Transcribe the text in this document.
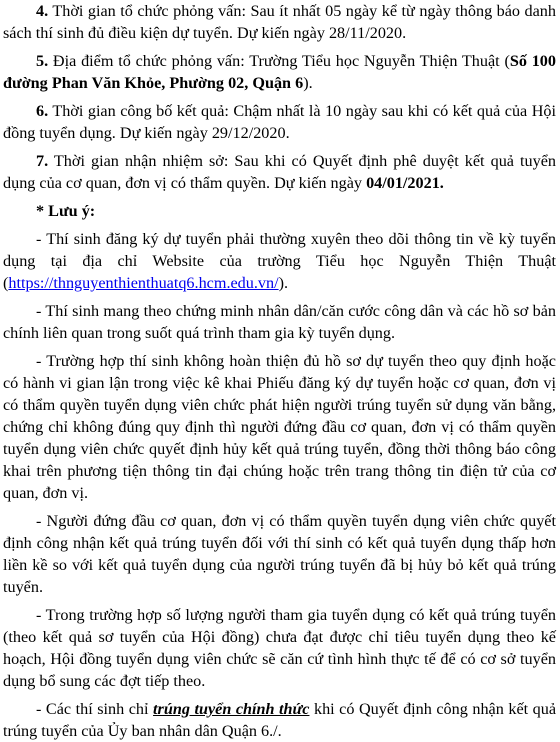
4. Thời gian tổ chức phỏng vấn: Sau ít nhất 05 ngày kể từ ngày thông báo danh sách thí sinh đủ điều kiện dự tuyển. Dự kiến ngày 28/11/2020.

5. Địa điểm tổ chức phỏng vấn: Trường Tiểu học Nguyễn Thiện Thuật (Số 100 đường Phan Văn Khỏe, Phường 02, Quận 6).

6. Thời gian công bố kết quả: Chậm nhất là 10 ngày sau khi có kết quả của Hội đồng tuyển dụng. Dự kiến ngày 29/12/2020.

7. Thời gian nhận nhiệm sở: Sau khi có Quyết định phê duyệt kết quả tuyển dụng của cơ quan, đơn vị có thẩm quyền. Dự kiến ngày 04/01/2021.

* Lưu ý:

- Thí sinh đăng ký dự tuyển phải thường xuyên theo dõi thông tin về kỳ tuyển dụng tại địa chỉ Website của trường Tiểu học Nguyễn Thiện Thuật (https://thnguyenthienthuatq6.hcm.edu.vn/).

- Thí sinh mang theo chứng minh nhân dân/căn cước công dân và các hồ sơ bản chính liên quan trong suốt quá trình tham gia kỳ tuyển dụng.

- Trường hợp thí sinh không hoàn thiện đủ hồ sơ dự tuyển theo quy định hoặc có hành vi gian lận trong việc kê khai Phiếu đăng ký dự tuyển hoặc cơ quan, đơn vị có thẩm quyền tuyển dụng viên chức phát hiện người trúng tuyển sử dụng văn bằng, chứng chỉ không đúng quy định thì người đứng đầu cơ quan, đơn vị có thẩm quyền tuyển dụng viên chức quyết định hủy kết quả trúng tuyển, đồng thời thông báo công khai trên phương tiện thông tin đại chúng hoặc trên trang thông tin điện tử của cơ quan, đơn vị.

- Người đứng đầu cơ quan, đơn vị có thẩm quyền tuyển dụng viên chức quyết định công nhận kết quả trúng tuyển đối với thí sinh có kết quả tuyển dụng thấp hơn liền kề so với kết quả tuyển dụng của người trúng tuyển đã bị hủy bỏ kết quả trúng tuyển.

- Trong trường hợp số lượng người tham gia tuyển dụng có kết quả trúng tuyển (theo kết quả sơ tuyển của Hội đồng) chưa đạt được chỉ tiêu tuyển dụng theo kế hoạch, Hội đồng tuyển dụng viên chức sẽ căn cứ tình hình thực tế để có cơ sở tuyển dụng bổ sung các đợt tiếp theo.

- Các thí sinh chỉ trúng tuyển chính thức khi có Quyết định công nhận kết quả trúng tuyển của Ủy ban nhân dân Quận 6./.
